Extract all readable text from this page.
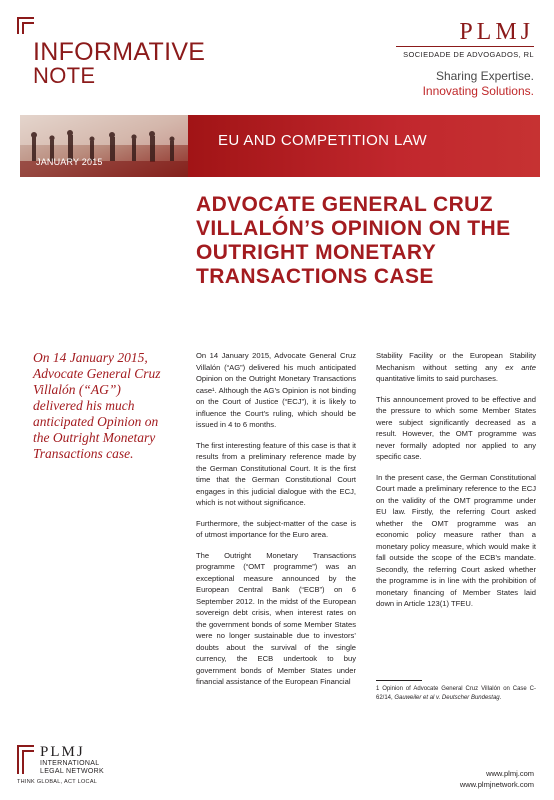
INFORMATIVE
NOTE
PLMJ
SOCIEDADE DE ADVOGADOS, RL
Sharing Expertise.
Innovating Solutions.
JANUARY 2015
EU AND COMPETITION LAW
ADVOCATE GENERAL CRUZ VILLALÓN’S OPINION ON THE OUTRIGHT MONETARY TRANSACTIONS CASE
On 14 January 2015, Advocate General Cruz Villalón (“AG”) delivered his much anticipated Opinion on the Outright Monetary Transactions case.

On 14 January 2015, Advocate General Cruz Villalón (“AG”) delivered his much anticipated Opinion on the Outright Monetary Transactions case¹. Although the AG’s Opinion is not binding on the Court of Justice (“ECJ”), it is likely to influence the Court’s ruling, which should be issued in 4 to 6 months.

The first interesting feature of this case is that it results from a preliminary reference made by the German Constitutional Court. It is the first time that the German Constitutional Court engages in this judicial dialogue with the ECJ, which is not without significance.

Furthermore, the subject-matter of the case is of utmost importance for the Euro area.

The Outright Monetary Transactions programme (“OMT programme”) was an exceptional measure announced by the European Central Bank (“ECB”) on 6 September 2012. In the midst of the European sovereign debt crisis, when interest rates on the government bonds of some Member States were no longer sustainable due to investors’ doubts about the survival of the single currency, the ECB undertook to buy government bonds of Member States under financial assistance of the European Financial

Stability Facility or the European Stability Mechanism without setting any ex ante quantitative limits to said purchases.

This announcement proved to be effective and the pressure to which some Member States were subject significantly decreased as a result. However, the OMT programme was never formally adopted nor applied to any specific case.

In the present case, the German Constitutional Court made a preliminary reference to the ECJ on the validity of the OMT programme under EU law. Firstly, the referring Court asked whether the OMT programme was an economic policy measure rather than a monetary policy measure, which would make it fall outside the scope of the ECB’s mandate. Secondly, the referring Court asked whether the programme is in line with the prohibition of monetary financing of Member States laid down in Article 123(1) TFEU.

1 Opinion of Advocate General Cruz Villalón on Case C-62/14, Gauweiler et al v. Deutscher Bundestag.
PLMJ
INTERNATIONAL
LEGAL NETWORK
THINK GLOBAL, ACT LOCAL
www.plmj.com
www.plmjnetwork.com
